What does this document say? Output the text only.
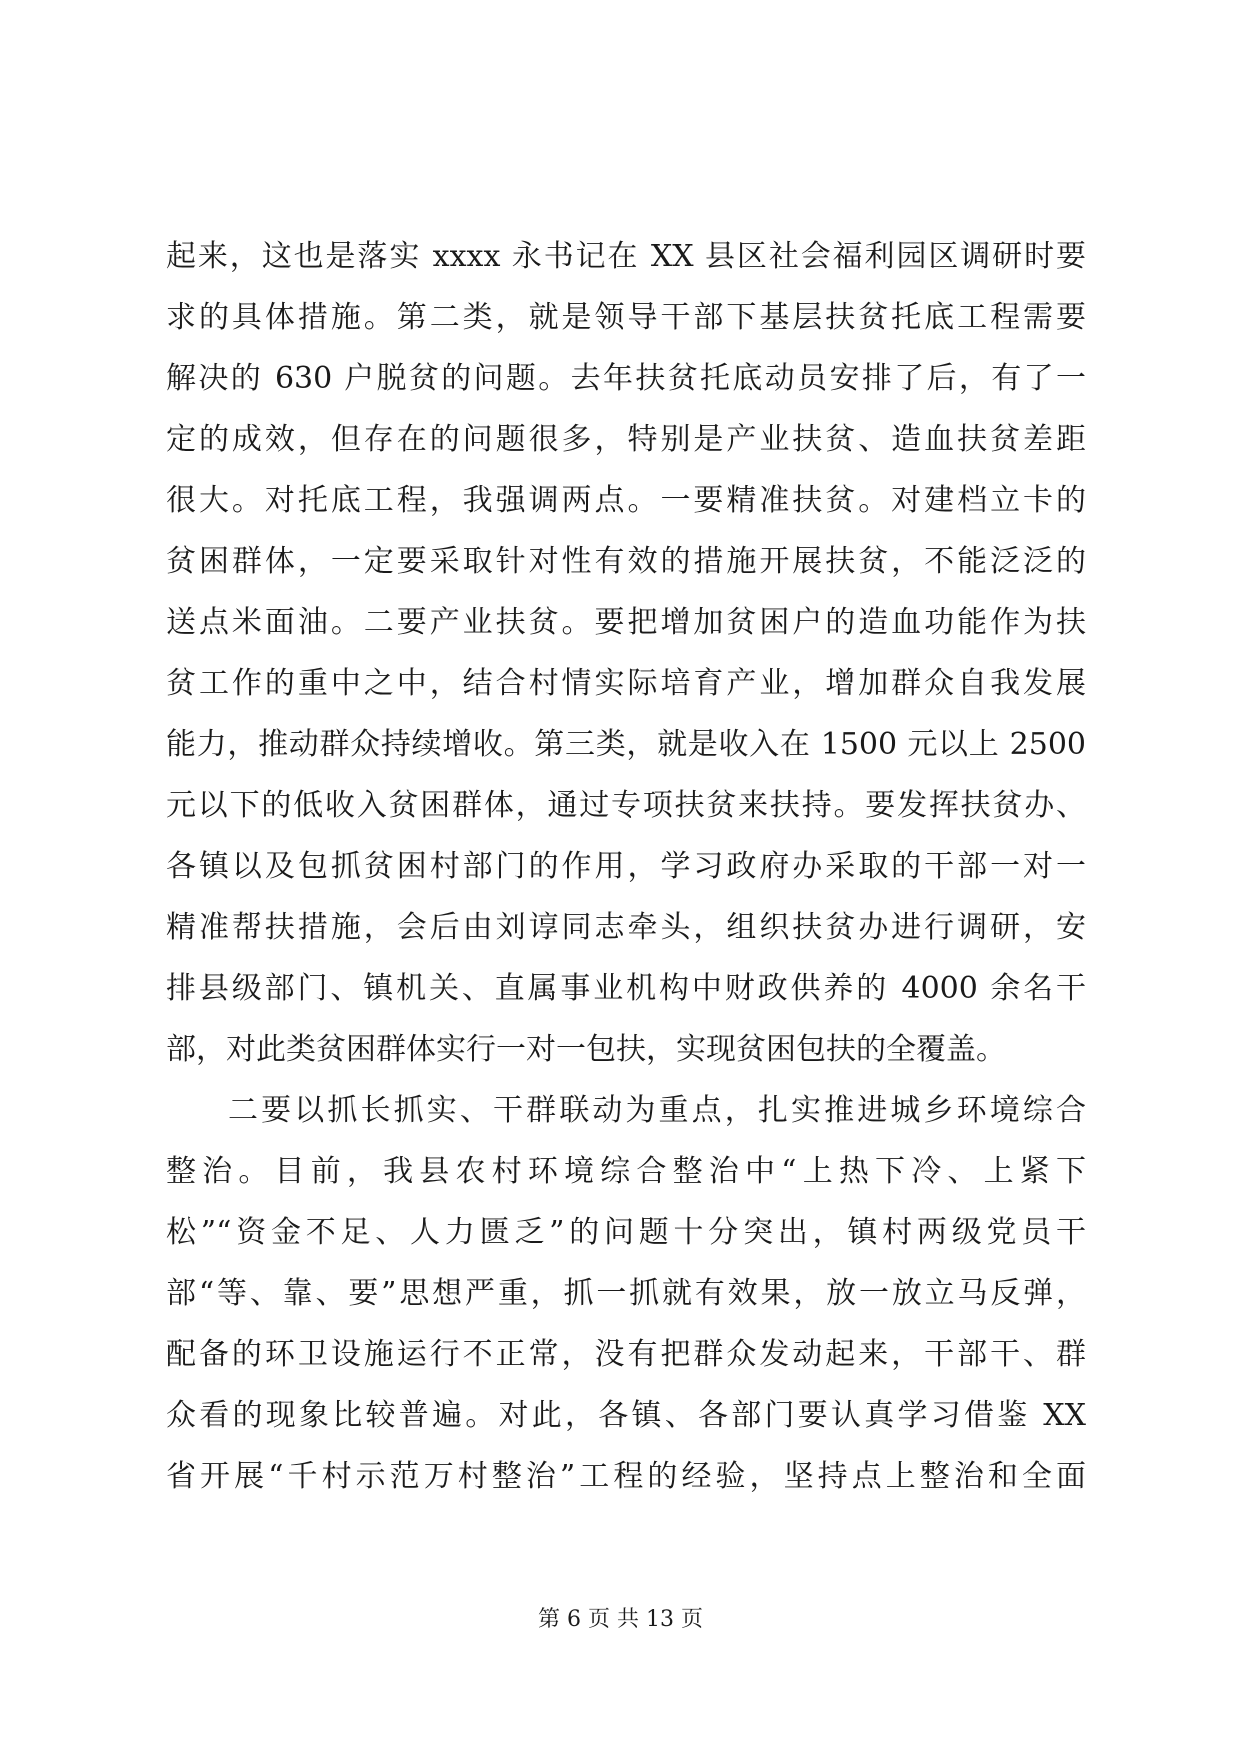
起来，这也是落实 xxxx 永书记在 XX 县区社会福利园区调研时要
求的具体措施。第二类，就是领导干部下基层扶贫托底工程需要
解决的 630 户脱贫的问题。去年扶贫托底动员安排了后，有了一
定的成效，但存在的问题很多，特别是产业扶贫、造血扶贫差距
很大。对托底工程，我强调两点。一要精准扶贫。对建档立卡的
贫困群体，一定要采取针对性有效的措施开展扶贫，不能泛泛的
送点米面油。二要产业扶贫。要把增加贫困户的造血功能作为扶
贫工作的重中之中，结合村情实际培育产业，增加群众自我发展
能力，推动群众持续增收。第三类，就是收入在 1500 元以上 2500
元以下的低收入贫困群体，通过专项扶贫来扶持。要发挥扶贫办、
各镇以及包抓贫困村部门的作用，学习政府办采取的干部一对一
精准帮扶措施，会后由刘谆同志牵头，组织扶贫办进行调研，安
排县级部门、镇机关、直属事业机构中财政供养的 4000 余名干
部，对此类贫困群体实行一对一包扶，实现贫困包扶的全覆盖。
二要以抓长抓实、干群联动为重点，扎实推进城乡环境综合
整治。目前，我县农村环境综合整治中“上热下冷、上紧下
松”“资金不足、人力匮乏”的问题十分突出，镇村两级党员干
部“等、靠、要”思想严重，抓一抓就有效果，放一放立马反弹，
配备的环卫设施运行不正常，没有把群众发动起来，干部干、群
众看的现象比较普遍。对此，各镇、各部门要认真学习借鉴 XX
省开展“千村示范万村整治”工程的经验，坚持点上整治和全面
第 6 页 共 13 页
